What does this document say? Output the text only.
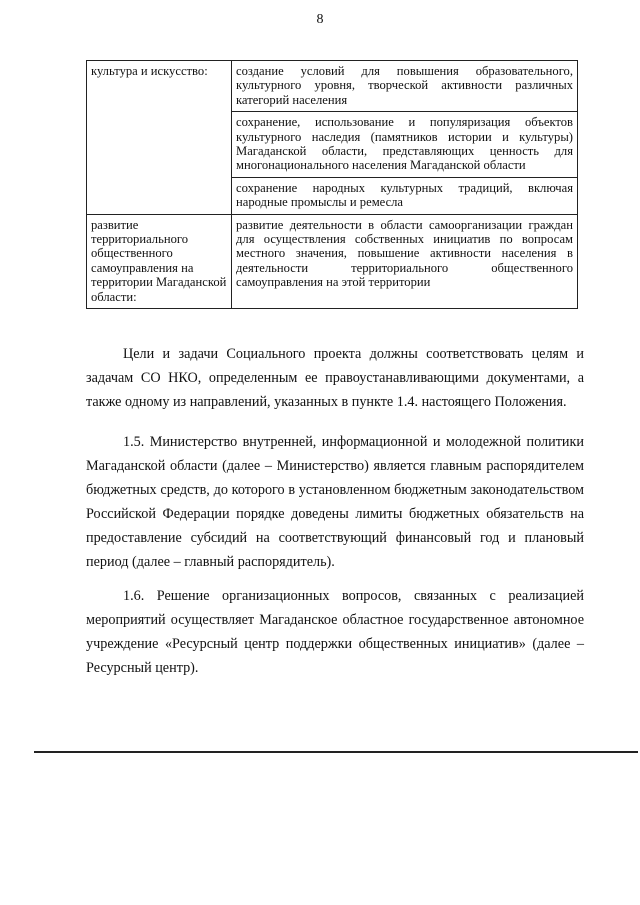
8
культура и искусство:	создание условий для повышения образовательного, культурного уровня, творческой активности различных категорий населения
	сохранение, использование и популяризация объектов культурного наследия (памятников истории и культуры) Магаданской области, представляющих ценность для многонационального населения Магаданской области
	сохранение народных культурных традиций, включая народные промыслы и ремесла
развитие территориального общественного самоуправления на территории Магаданской области:	развитие деятельности в области самоорганизации граждан для осуществления собственных инициатив по вопросам местного значения, повышение активности населения в деятельности территориального общественного самоуправления на этой территории

Цели и задачи Социального проекта должны соответствовать целям и задачам СО НКО, определенным ее правоустанавливающими документами, а также одному из направлений, указанных в пункте 1.4. настоящего Положения.

1.5. Министерство внутренней, информационной и молодежной политики Магаданской области (далее – Министерство) является главным распорядителем бюджетных средств, до которого в установленном бюджетным законодательством Российской Федерации порядке доведены лимиты бюджетных обязательств на предоставление субсидий на соответствующий финансовый год и плановый период (далее – главный распорядитель).

1.6. Решение организационных вопросов, связанных с реализацией мероприятий осуществляет Магаданское областное государственное автономное учреждение «Ресурсный центр поддержки общественных инициатив» (далее – Ресурсный центр).
